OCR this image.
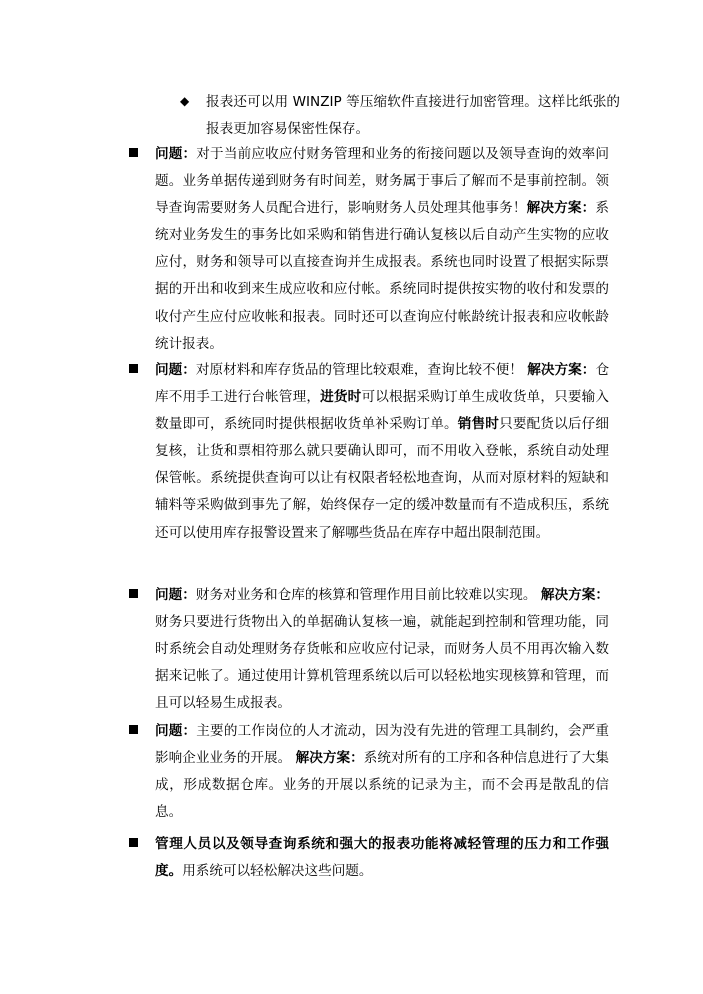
◆ 报表还可以用 WINZIP 等压缩软件直接进行加密管理。这样比纸张的报表更加容易保密性保存。
问题：对于当前应收应付财务管理和业务的衔接问题以及领导查询的效率问题。业务单据传递到财务有时间差，财务属于事后了解而不是事前控制。领导查询需要财务人员配合进行，影响财务人员处理其他事务！解决方案：系统对业务发生的事务比如采购和销售进行确认复核以后自动产生实物的应收应付，财务和领导可以直接查询并生成报表。系统也同时设置了根据实际票据的开出和收到来生成应收和应付帐。系统同时提供按实物的收付和发票的收付产生应付应收帐和报表。同时还可以查询应付帐龄统计报表和应收帐龄统计报表。
问题：对原材料和库存货品的管理比较艰难，查询比较不便！ 解决方案：仓库不用手工进行台帐管理，进货时可以根据采购订单生成收货单，只要输入数量即可，系统同时提供根据收货单补采购订单。销售时只要配货以后仔细复核，让货和票相符那么就只要确认即可，而不用收入登帐，系统自动处理保管帐。系统提供查询可以让有权限者轻松地查询，从而对原材料的短缺和辅料等采购做到事先了解，始终保存一定的缓冲数量而有不造成积压，系统还可以使用库存报警设置来了解哪些货品在库存中超出限制范围。
问题：财务对业务和仓库的核算和管理作用目前比较难以实现。 解决方案：财务只要进行货物出入的单据确认复核一遍，就能起到控制和管理功能，同时系统会自动处理财务存货帐和应收应付记录，而财务人员不用再次输入数据来记帐了。通过使用计算机管理系统以后可以轻松地实现核算和管理，而且可以轻易生成报表。
问题：主要的工作岗位的人才流动，因为没有先进的管理工具制约，会严重影响企业业务的开展。 解决方案：系统对所有的工序和各种信息进行了大集成，形成数据仓库。业务的开展以系统的记录为主，而不会再是散乱的信息。
管理人员以及领导查询系统和强大的报表功能将减轻管理的压力和工作强度。用系统可以轻松解决这些问题。
